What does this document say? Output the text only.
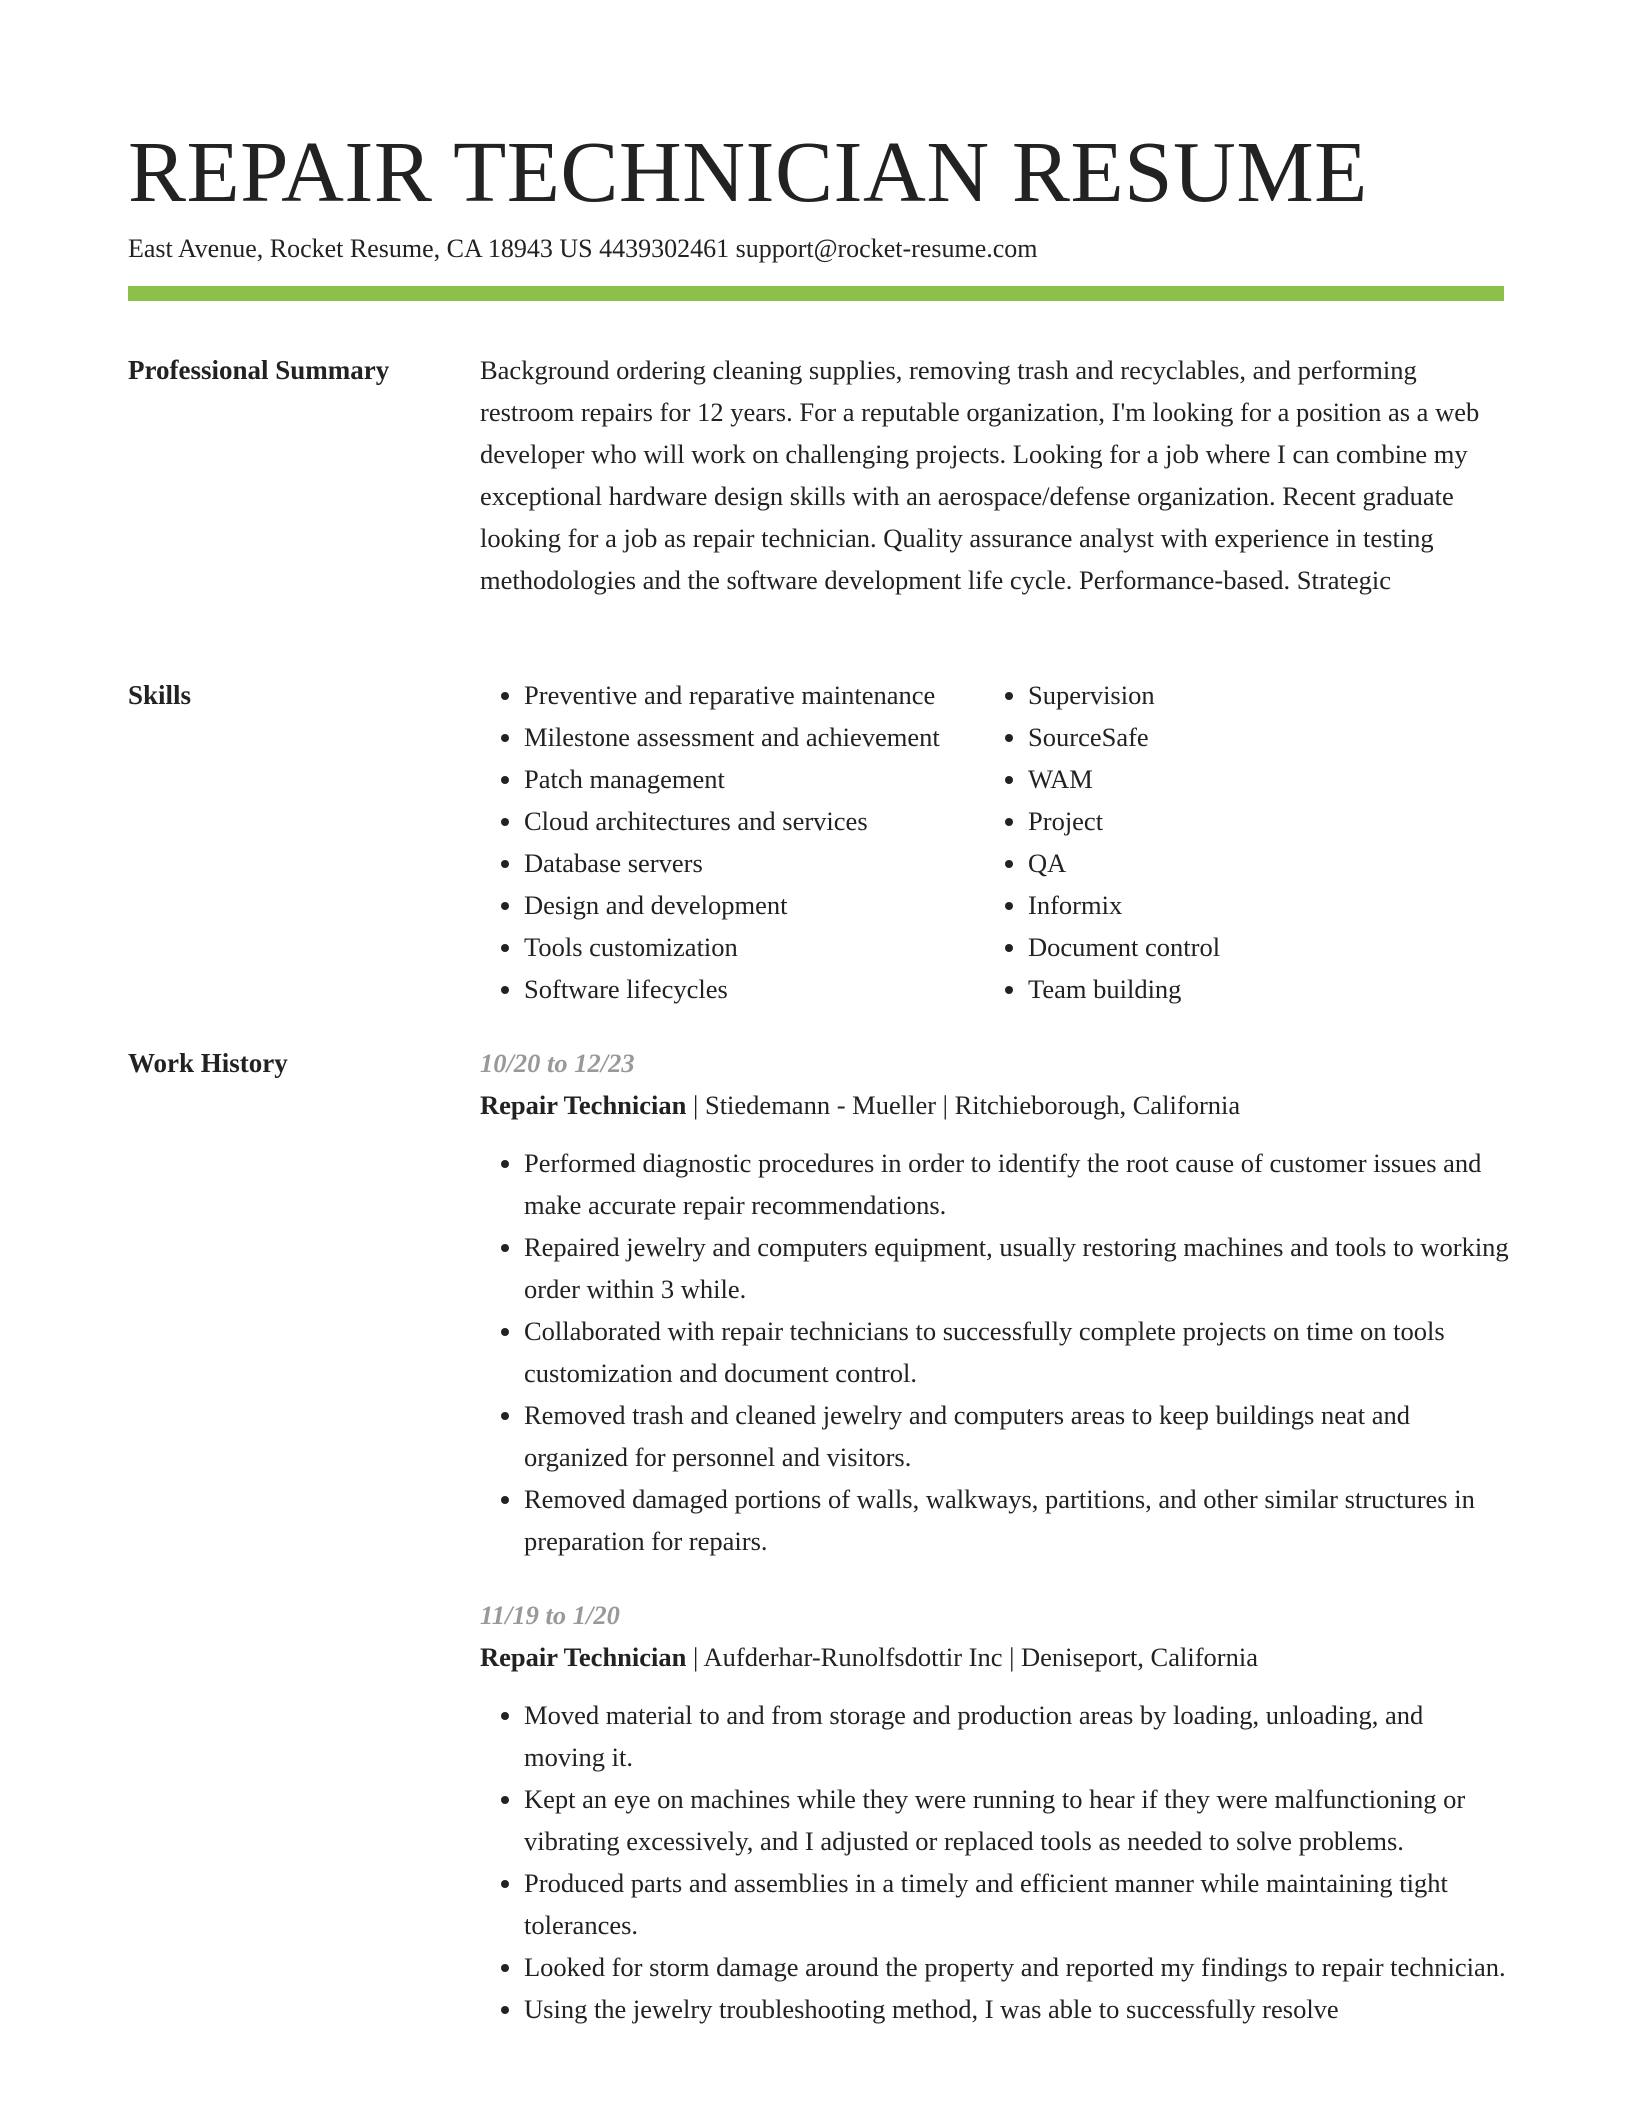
REPAIR TECHNICIAN RESUME
East Avenue, Rocket Resume, CA 18943 US 4439302461 support@rocket-resume.com
Professional Summary	Background ordering cleaning supplies, removing trash and recyclables, and performing restroom repairs for 12 years. For a reputable organization, I'm looking for a position as a web developer who will work on challenging projects. Looking for a job where I can combine my exceptional hardware design skills with an aerospace/defense organization. Recent graduate looking for a job as repair technician. Quality assurance analyst with experience in testing methodologies and the software development life cycle. Performance-based. Strategic

Skills
•	Preventive and reparative maintenance
• Milestone assessment and achievement
• Patch management
• Cloud architectures and services
• Database servers
• Design and development
• Tools customization
• Software lifecycles
• Supervision
• SourceSafe
• WAM
• Project
• QA
• Informix
• Document control
• Team building
Work History	10/20 to 12/23
Repair Technician | Stiedemann - Mueller | Ritchieborough, California
• Performed diagnostic procedures in order to identify the root cause of customer issues and make accurate repair recommendations.
• Repaired jewelry and computers equipment, usually restoring machines and tools to working order within 3 while.
• Collaborated with repair technicians to successfully complete projects on time on tools customization and document control.
• Removed trash and cleaned jewelry and computers areas to keep buildings neat and organized for personnel and visitors.
• Removed damaged portions of walls, walkways, partitions, and other similar structures in preparation for repairs.
11/19 to 1/20
Repair Technician | Aufderhar-Runolfsdottir Inc | Deniseport, California
• Moved material to and from storage and production areas by loading, unloading, and moving it.
• Kept an eye on machines while they were running to hear if they were malfunctioning or vibrating excessively, and I adjusted or replaced tools as needed to solve problems.
• Produced parts and assemblies in a timely and efficient manner while maintaining tight tolerances.
• Looked for storm damage around the property and reported my findings to repair technician.
• Using the jewelry troubleshooting method, I was able to successfully resolve
